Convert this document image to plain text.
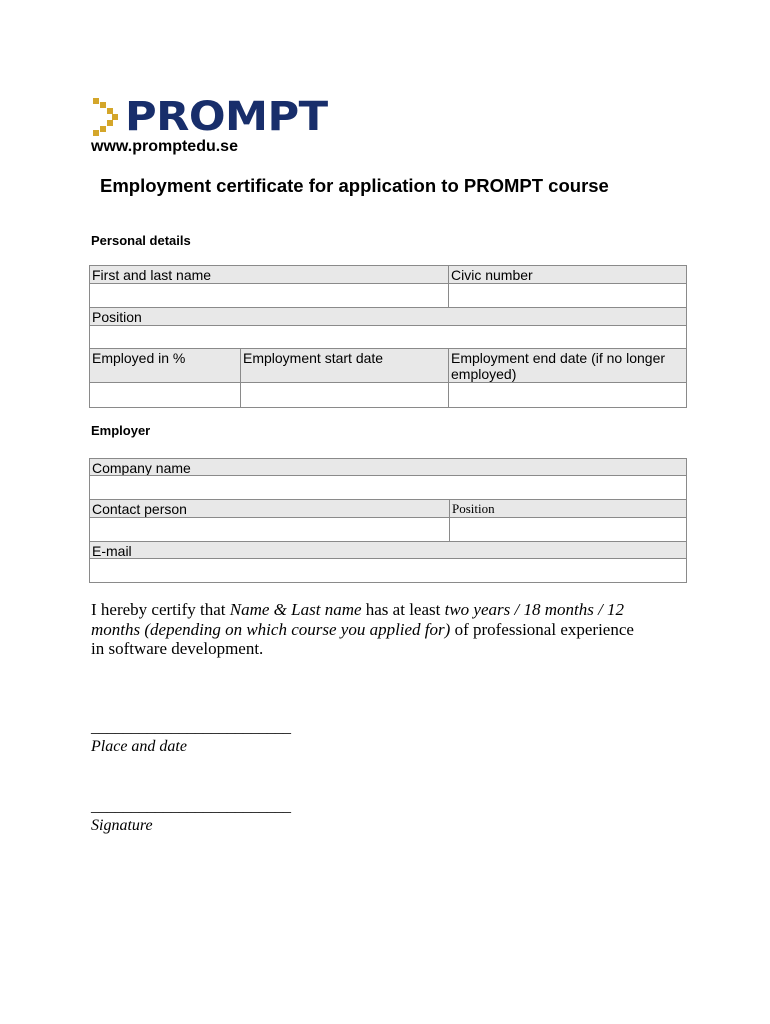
PROMPT
www.promptedu.se
Employment certificate for application to PROMPT course
Personal details
First and last name	Civic number
Position
Employed in %	Employment start date	Employment end date (if no longer employed)
Employer
Company name
Contact person	Position
E-mail
I hereby certify that Name & Last name has at least two years / 18 months / 12 months (depending on which course you applied for) of professional experience in software development.
_________________________
Place and date
_________________________
Signature
